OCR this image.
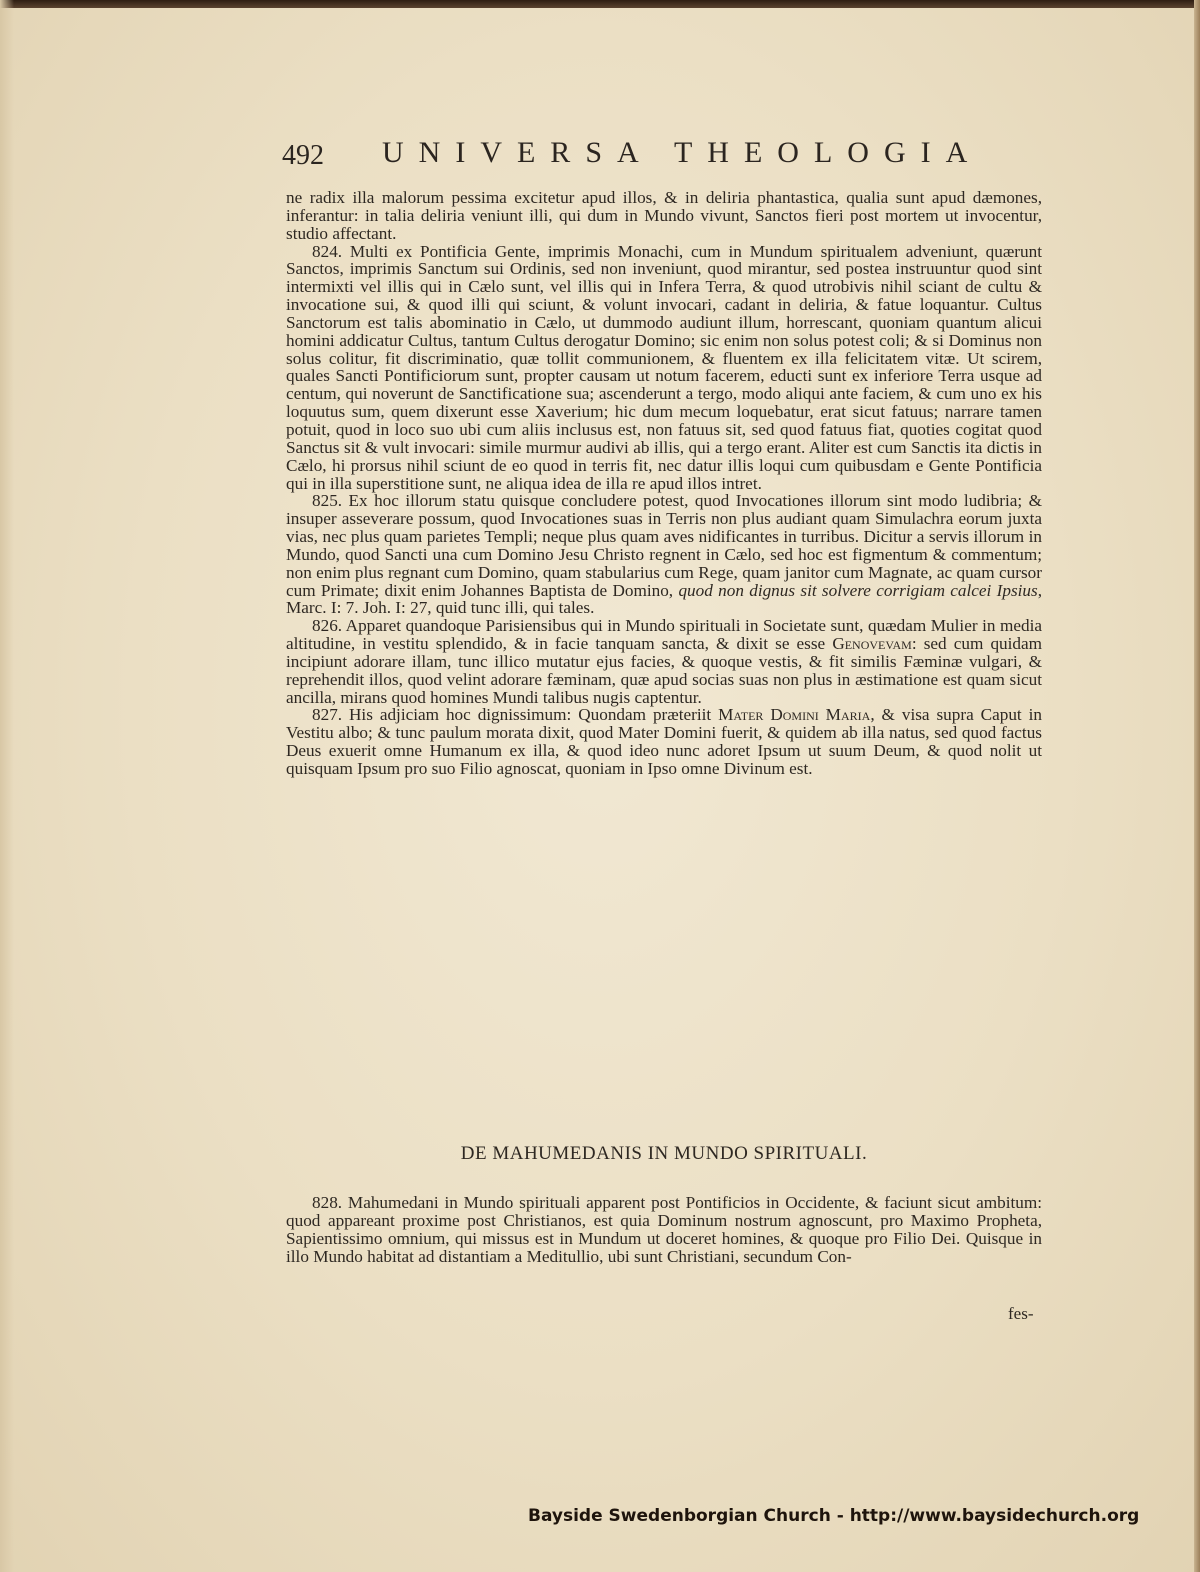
492 UNIVERSA THEOLOGIA

ne radix illa malorum pessima excitetur apud illos, & in deliria phantastica, qualia sunt apud dæmones, inferantur: in talia deliria veniunt illi, qui dum in Mundo vivunt, Sanctos fieri post mortem ut invocentur, studio affectant.

824. Multi ex Pontificia Gente, imprimis Monachi, cum in Mundum spiritualem adveniunt, quærunt Sanctos, imprimis Sanctum sui Ordinis, sed non inveniunt, quod mirantur, sed postea instruuntur quod sint intermixti vel illis qui in Cælo sunt, vel illis qui in Infera Terra, & quod utrobivis nihil sciant de cultu & invocatione sui, & quod illi qui sciunt, & volunt invocari, cadant in deliria, & fatue loquantur. Cultus Sanctorum est talis abominatio in Cælo, ut dummodo audiunt illum, horrescant, quoniam quantum alicui homini addicatur Cultus, tantum Cultus derogatur Domino; sic enim non solus potest coli; & si Dominus non solus colitur, fit discriminatio, quæ tollit communionem, & fluentem ex illa felicitatem vitæ. Ut scirem, quales Sancti Pontificiorum sunt, propter causam ut notum facerem, educti sunt ex inferiore Terra usque ad centum, qui noverunt de Sanctificatione sua; ascenderunt a tergo, modo aliqui ante faciem, & cum uno ex his loquutus sum, quem dixerunt esse Xaverium; hic dum mecum loquebatur, erat sicut fatuus; narrare tamen potuit, quod in loco suo ubi cum aliis inclusus est, non fatuus sit, sed quod fatuus fiat, quoties cogitat quod Sanctus sit & vult invocari: simile murmur audivi ab illis, qui a tergo erant. Aliter est cum Sanctis ita dictis in Cælo, hi prorsus nihil sciunt de eo quod in terris fit, nec datur illis loqui cum quibusdam e Gente Pontificia qui in illa superstitione sunt, ne aliqua idea de illa re apud illos intret.

825. Ex hoc illorum statu quisque concludere potest, quod Invocationes illorum sint modo ludibria; & insuper asseverare possum, quod Invocationes suas in Terris non plus audiant quam Simulachra eorum juxta vias, nec plus quam parietes Templi; neque plus quam aves nidificantes in turribus. Dicitur a servis illorum in Mundo, quod Sancti una cum Domino Jesu Christo regnent in Cælo, sed hoc est figmentum & commentum; non enim plus regnant cum Domino, quam stabularius cum Rege, quam janitor cum Magnate, ac quam cursor cum Primate; dixit enim Johannes Baptista de Domino, quod non dignus sit solvere corrigiam calcei Ipsius, Marc. I: 7. Joh. I: 27, quid tunc illi, qui tales.

826. Apparet quandoque Parisiensibus qui in Mundo spirituali in Societate sunt, quædam Mulier in media altitudine, in vestitu splendido, & in facie tanquam sancta, & dixit se esse Genovevam: sed cum quidam incipiunt adorare illam, tunc illico mutatur ejus facies, & quoque vestis, & fit similis Fæminæ vulgari, & reprehendit illos, quod velint adorare fæminam, quæ apud socias suas non plus in æstimatione est quam sicut ancilla, mirans quod homines Mundi talibus nugis captentur.

827. His adjiciam hoc dignissimum: Quondam præteriit Mater Domini Maria, & visa supra Caput in Vestitu albo; & tunc paulum morata dixit, quod Mater Domini fuerit, & quidem ab illa natus, sed quod factus Deus exuerit omne Humanum ex illa, & quod ideo nunc adoret Ipsum ut suum Deum, & quod nolit ut quisquam Ipsum pro suo Filio agnoscat, quoniam in Ipso omne Divinum est.

DE MAHUMEDANIS IN MUNDO SPIRITUALI.

828. Mahumedani in Mundo spirituali apparent post Pontificios in Occidente, & faciunt sicut ambitum: quod appareant proxime post Christianos, est quia Dominum nostrum agnoscunt, pro Maximo Propheta, Sapientissimo omnium, qui missus est in Mundum ut doceret homines, & quoque pro Filio Dei. Quisque in illo Mundo habitat ad distantiam a Meditullio, ubi sunt Christiani, secundum Con-

fes-
Bayside Swedenborgian Church - http://www.baysidechurch.org
